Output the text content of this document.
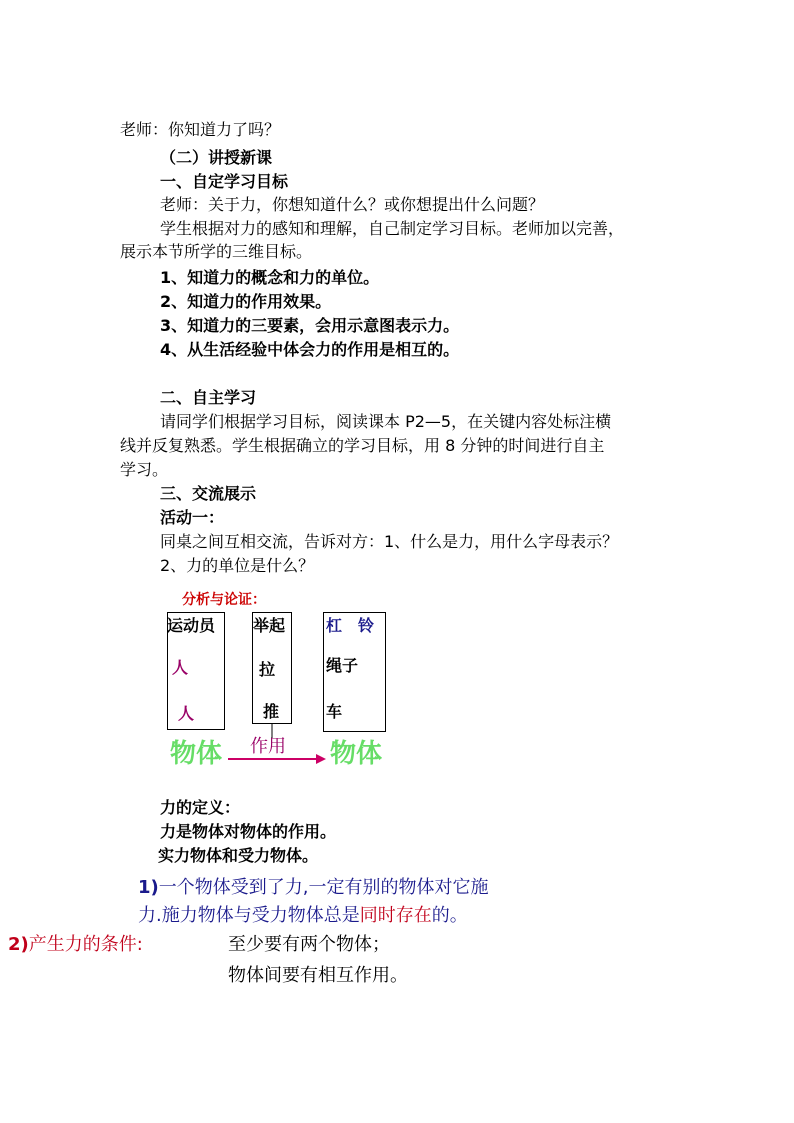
老师：你知道力了吗？
（二）讲授新课
一、自定学习目标
老师：关于力，你想知道什么？或你想提出什么问题？
学生根据对力的感知和理解，自己制定学习目标。老师加以完善，
展示本节所学的三维目标。
1、知道力的概念和力的单位。
2、知道力的作用效果。
3、知道力的三要素，会用示意图表示力。
4、从生活经验中体会力的作用是相互的。
二、自主学习
请同学们根据学习目标，阅读课本 P2—5，在关键内容处标注横
线并反复熟悉。学生根据确立的学习目标，用 8 分钟的时间进行自主
学习。
三、交流展示
活动一：
同桌之间互相交流，告诉对方：1、什么是力，用什么字母表示？
2、力的单位是什么？
分析与论证：
运动员
人
人
举起
拉
推
杠　铃
绳子
车
物体 作用 物体
力的定义：
力是物体对物体的作用。
实力物体和受力物体。
1)一个物体受到了力,一定有别的物体对它施
力.施力物体与受力物体总是同时存在的。
2)产生力的条件:	至少要有两个物体；
物体间要有相互作用。
